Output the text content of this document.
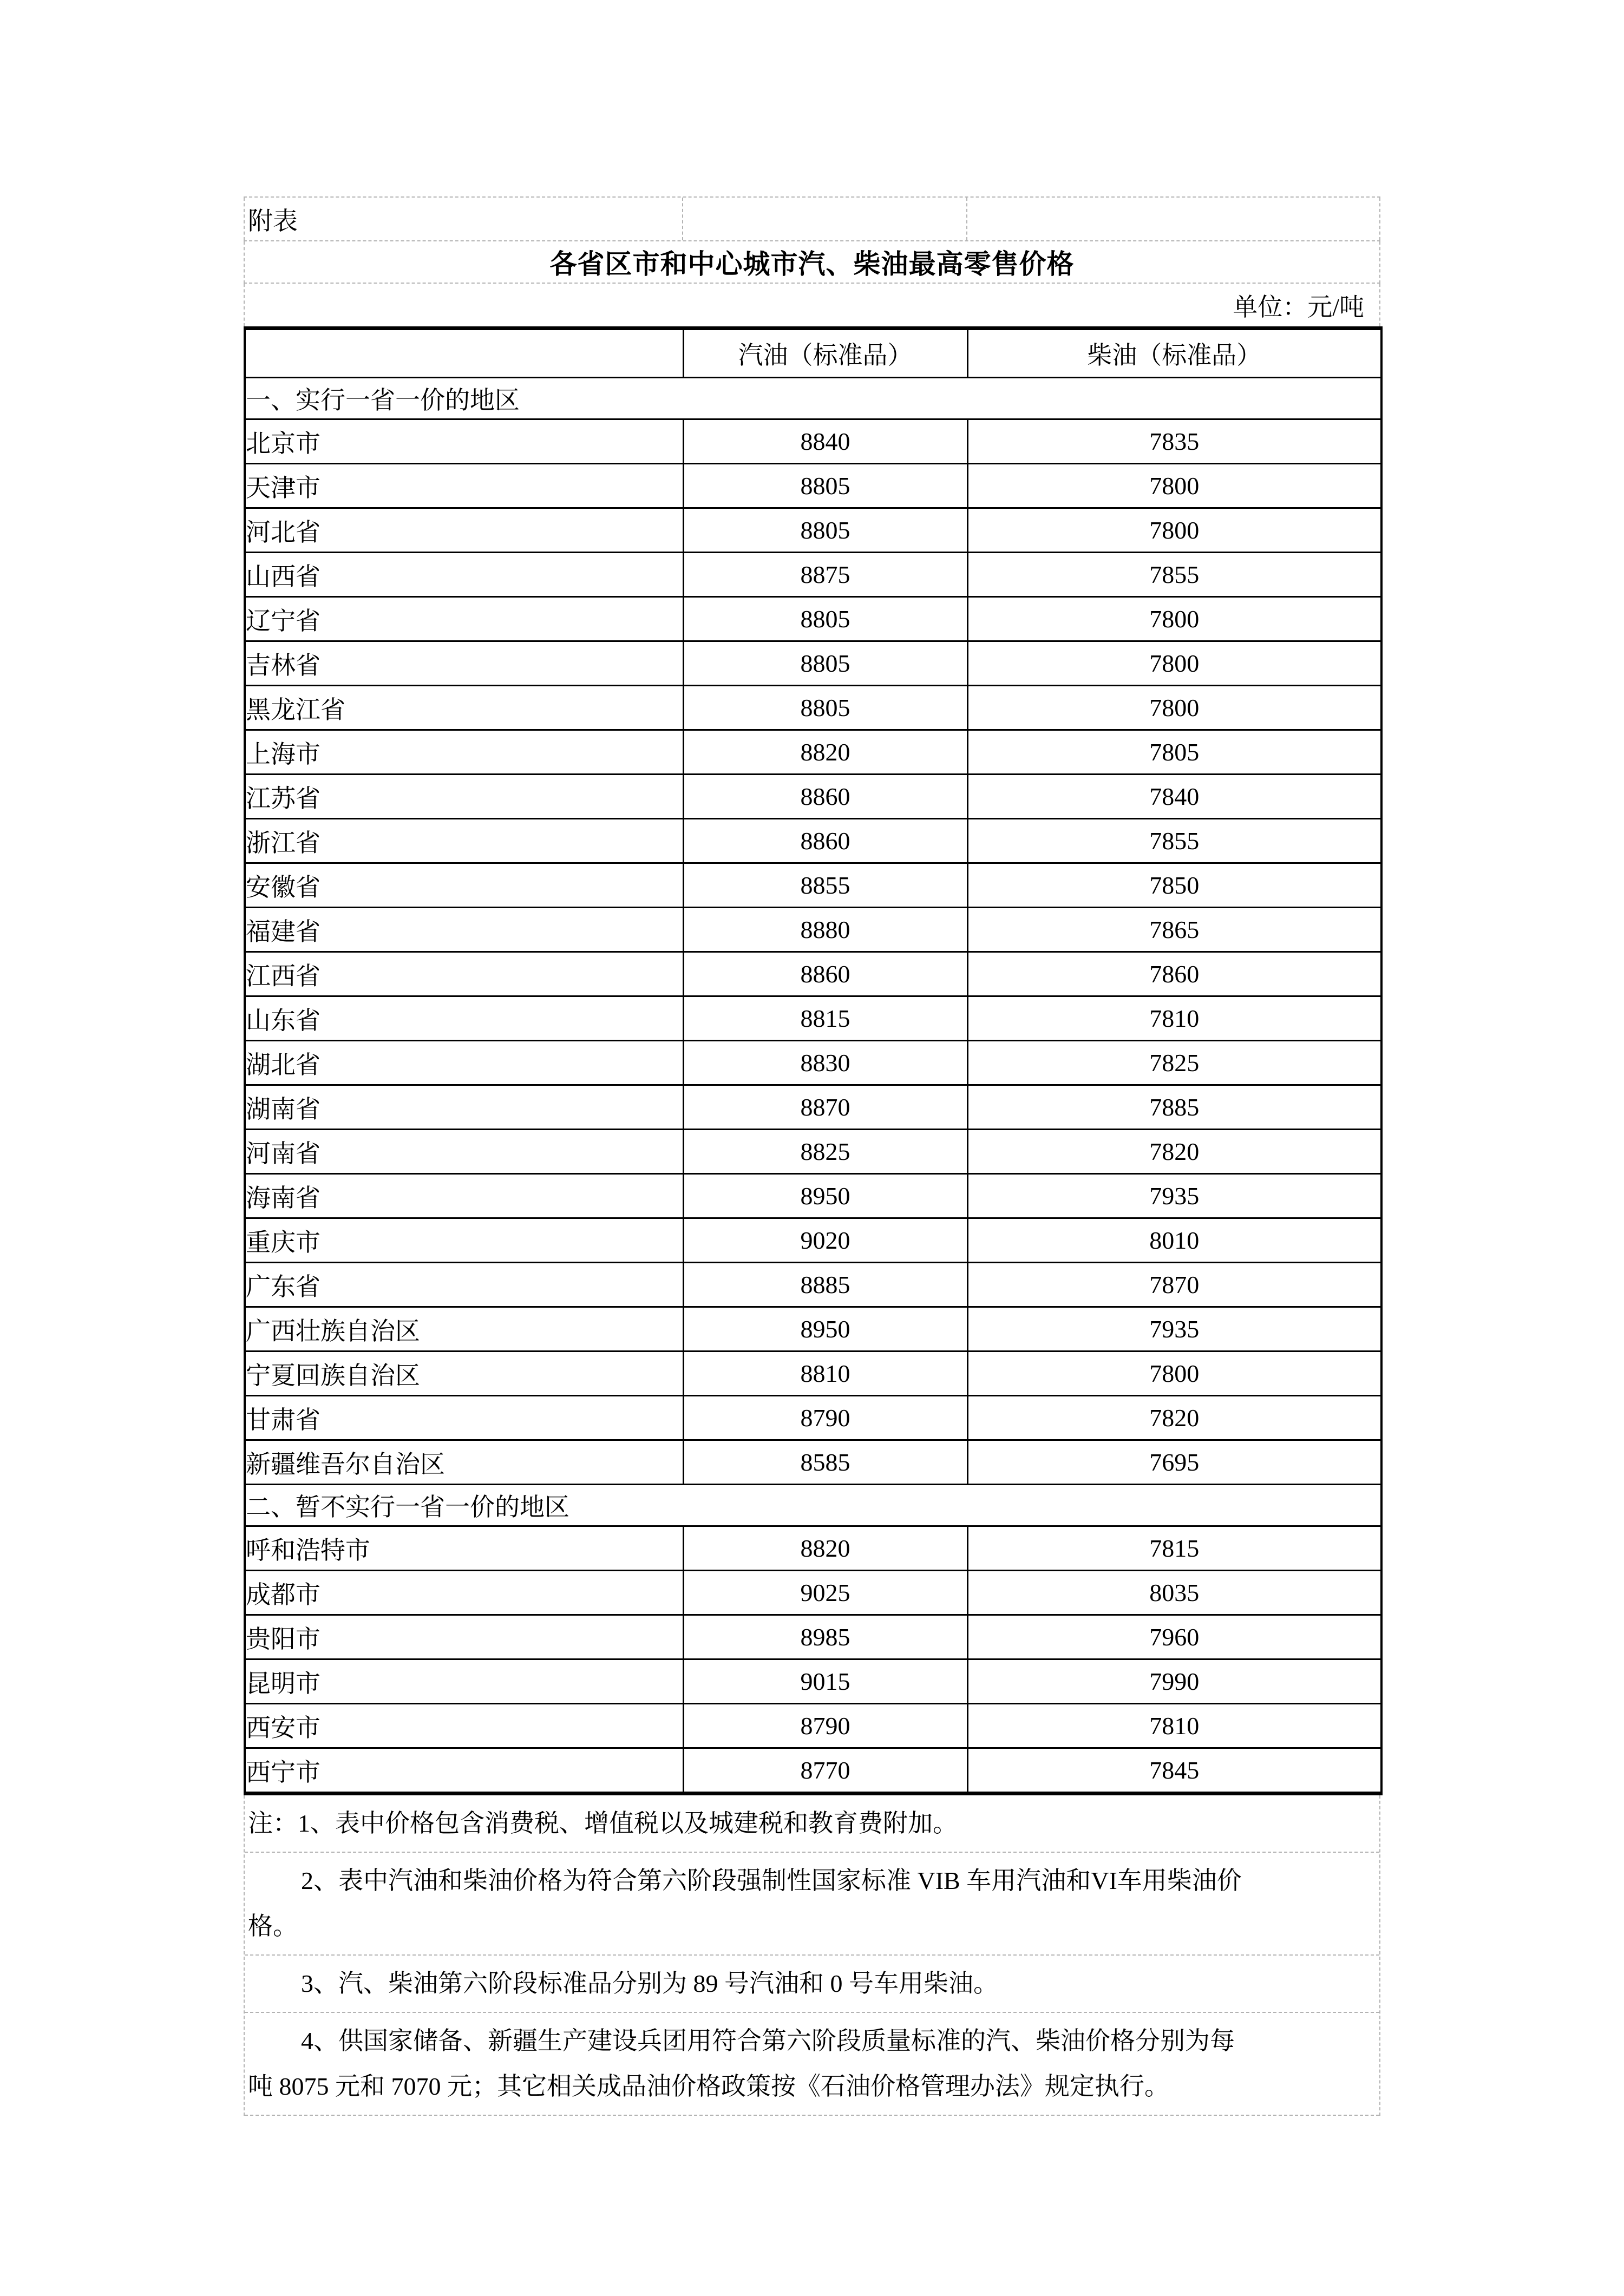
附表
各省区市和中心城市汽、柴油最高零售价格
单位：元/吨
	汽油（标准品）	柴油（标准品）
一、实行一省一价的地区		
北京市	8840	7835
天津市	8805	7800
河北省	8805	7800
山西省	8875	7855
辽宁省	8805	7800
吉林省	8805	7800
黑龙江省	8805	7800
上海市	8820	7805
江苏省	8860	7840
浙江省	8860	7855
安徽省	8855	7850
福建省	8880	7865
江西省	8860	7860
山东省	8815	7810
湖北省	8830	7825
湖南省	8870	7885
河南省	8825	7820
海南省	8950	7935
重庆市	9020	8010
广东省	8885	7870
广西壮族自治区	8950	7935
宁夏回族自治区	8810	7800
甘肃省	8790	7820
新疆维吾尔自治区	8585	7695
二、暂不实行一省一价的地区		
呼和浩特市	8820	7815
成都市	9025	8035
贵阳市	8985	7960
昆明市	9015	7990
西安市	8790	7810
西宁市	8770	7845
注：1、表中价格包含消费税、增值税以及城建税和教育费附加。
2、表中汽油和柴油价格为符合第六阶段强制性国家标准 VIB 车用汽油和VI车用柴油价
格。
3、汽、柴油第六阶段标准品分别为 89 号汽油和 0 号车用柴油。
4、供国家储备、新疆生产建设兵团用符合第六阶段质量标准的汽、柴油价格分别为每
吨 8075 元和 7070 元；其它相关成品油价格政策按《石油价格管理办法》规定执行。
